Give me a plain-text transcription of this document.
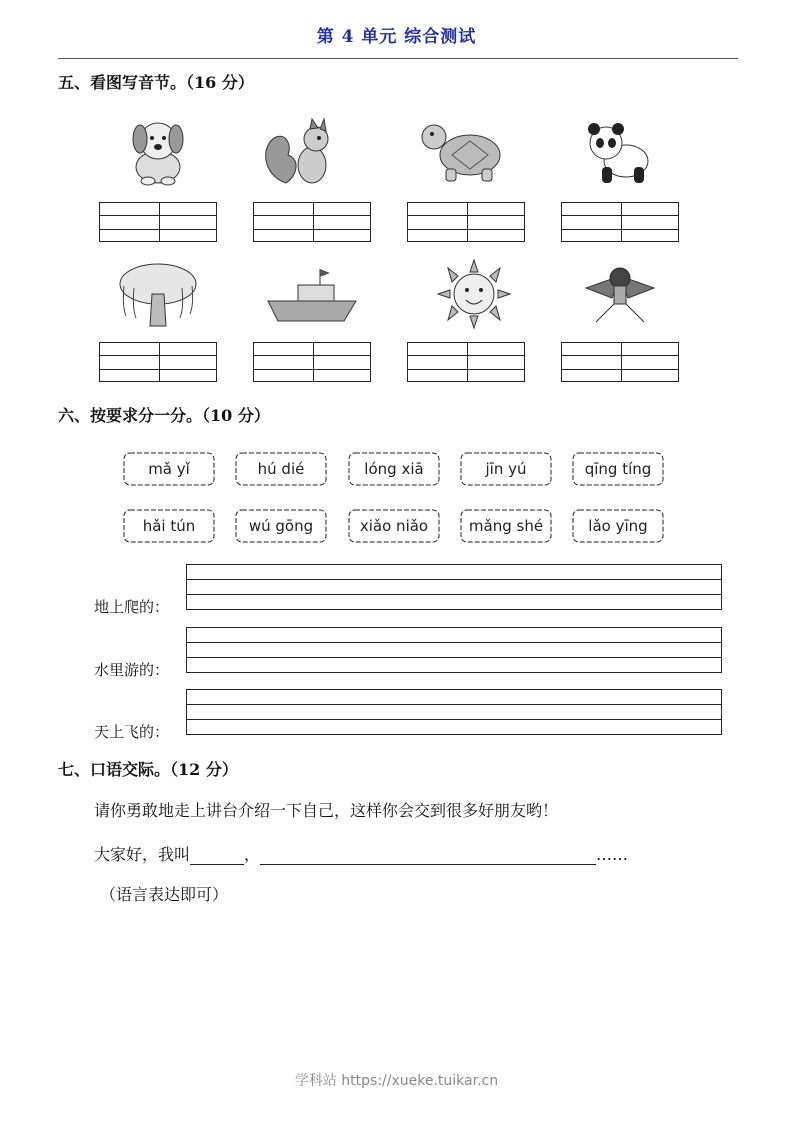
第 4 单元 综合测试
五、看图写音节。（16 分）
六、按要求分一分。（10 分）
mǎ yǐ	hú dié	lóng xiā	jīn yú	qīng tíng
hǎi tún	wú gōng	xiǎo niǎo	mǎng shé	lǎo yīng
地上爬的：
水里游的：
天上飞的：
七、口语交际。（12 分）
请你勇敢地走上讲台介绍一下自己，这样你会交到很多好朋友哟！
大家好，我叫	，	……
（语言表达即可）
学科站 https://xueke.tuikar.cn
